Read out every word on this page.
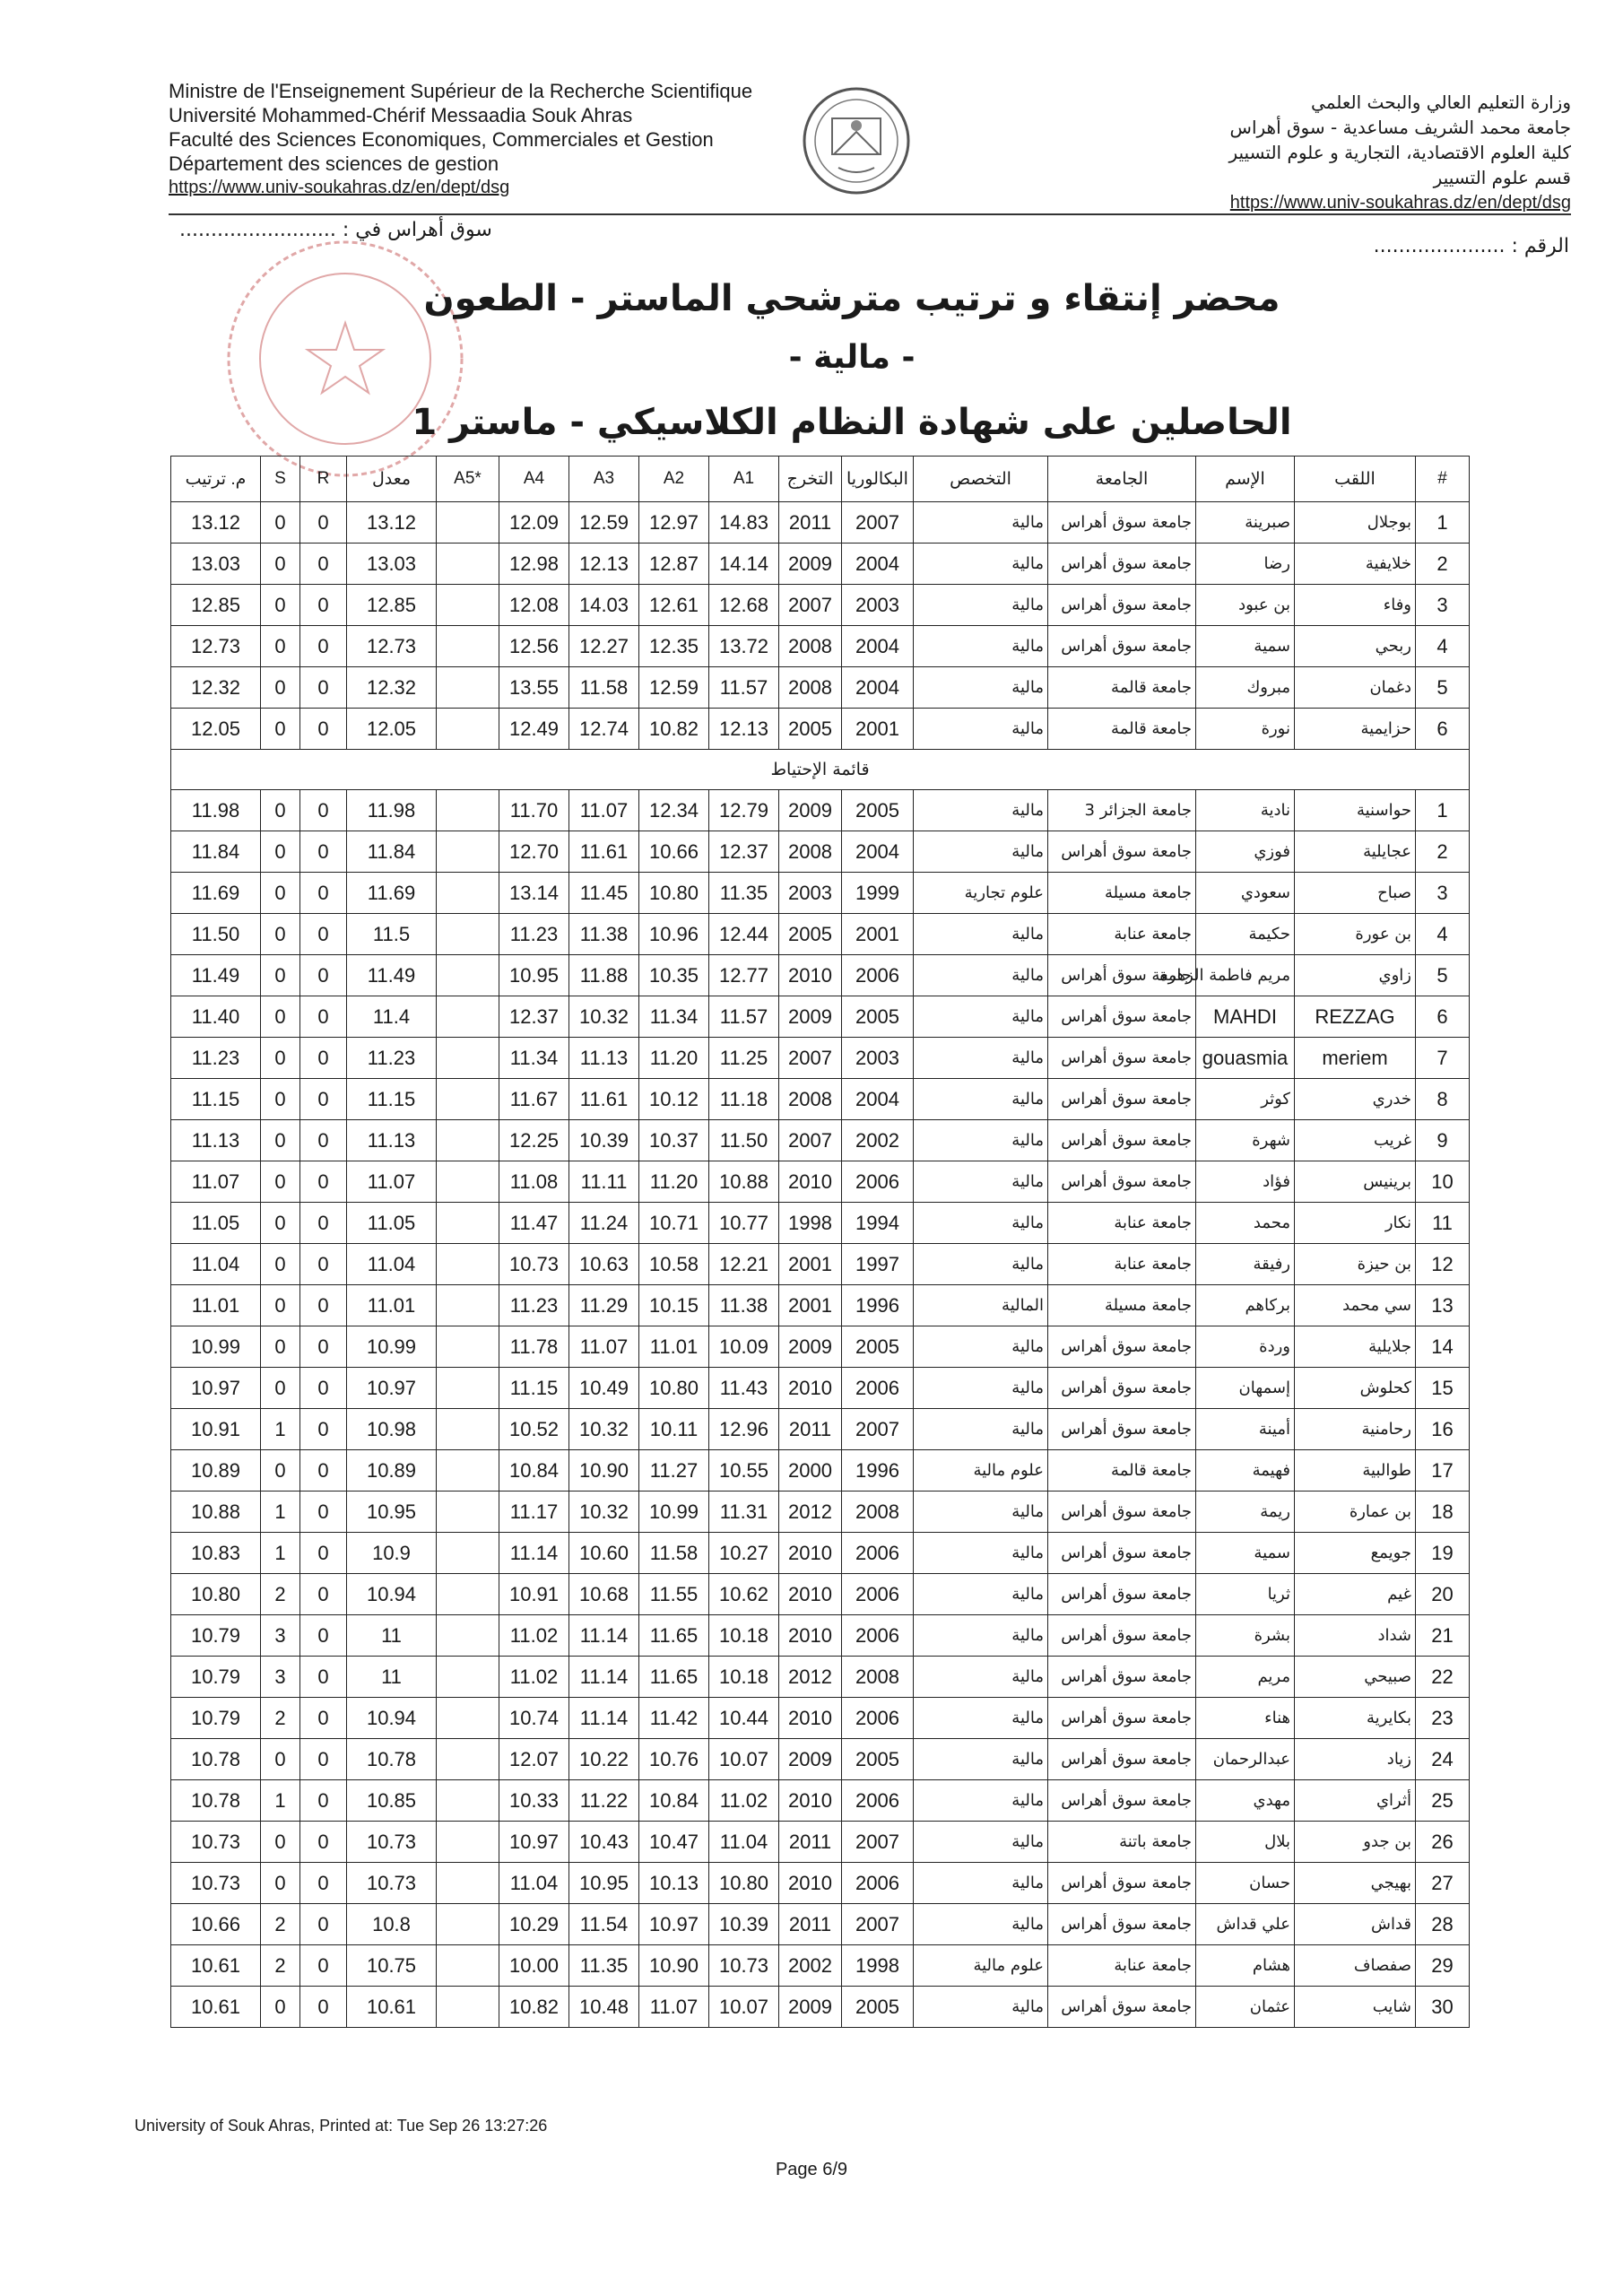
Ministre de l'Enseignement Supérieur de la Recherche Scientifique
Université Mohammed-Chérif Messaadia Souk Ahras
Faculté des Sciences Economiques, Commerciales et Gestion
Département des sciences de gestion
https://www.univ-soukahras.dz/en/dept/dsg
وزارة التعليم العالي والبحث العلمي
جامعة محمد الشريف مساعدية - سوق أهراس
كلية العلوم الاقتصادية، التجارية و علوم التسيير
قسم علوم التسيير
https://www.univ-soukahras.dz/en/dept/dsg
سوق أهراس في : .........................
الرقم : .....................
محضر إنتقاء و ترتيب مترشحي الماستر - الطعون
- مالية -
الحاصلين على شهادة النظام الكلاسيكي - ماستر 1
م. ترتيب	S	R	معدل	A5*	A4	A3	A2	A1	التخرج	البكالوريا	التخصص	الجامعة	الإسم	اللقب	#
13.12	0	0	13.12		12.09	12.59	12.97	14.83	2011	2007	مالية	جامعة سوق أهراس	صبرينة	بوجلال	1
13.03	0	0	13.03		12.98	12.13	12.87	14.14	2009	2004	مالية	جامعة سوق أهراس	رضا	خلايفية	2
12.85	0	0	12.85		12.08	14.03	12.61	12.68	2007	2003	مالية	جامعة سوق أهراس	بن عبود	وفاء	3
12.73	0	0	12.73		12.56	12.27	12.35	13.72	2008	2004	مالية	جامعة سوق أهراس	سمية	ربحي	4
12.32	0	0	12.32		13.55	11.58	12.59	11.57	2008	2004	مالية	جامعة قالمة	مبروك	دغمان	5
12.05	0	0	12.05		12.49	12.74	10.82	12.13	2005	2001	مالية	جامعة قالمة	نورة	حزايمية	6
قائمة الإحتياط															
11.98	0	0	11.98		11.70	11.07	12.34	12.79	2009	2005	مالية	جامعة الجزائر 3	نادية	حواسنية	1
11.84	0	0	11.84		12.70	11.61	10.66	12.37	2008	2004	مالية	جامعة سوق أهراس	فوزي	عجايلية	2
11.69	0	0	11.69		13.14	11.45	10.80	11.35	2003	1999	علوم تجارية	جامعة مسيلة	سعودي	صباح	3
11.50	0	0	11.5		11.23	11.38	10.96	12.44	2005	2001	مالية	جامعة عنابة	حكيمة	بن عورة	4
11.49	0	0	11.49		10.95	11.88	10.35	12.77	2010	2006	مالية	جامعة سوق أهراس	مريم فاطمة الزهرة	زاوي	5
11.40	0	0	11.4		12.37	10.32	11.34	11.57	2009	2005	مالية	جامعة سوق أهراس	MAHDI	REZZAG	6
11.23	0	0	11.23		11.34	11.13	11.20	11.25	2007	2003	مالية	جامعة سوق أهراس	gouasmia	meriem	7
11.15	0	0	11.15		11.67	11.61	10.12	11.18	2008	2004	مالية	جامعة سوق أهراس	كوثر	خدري	8
11.13	0	0	11.13		12.25	10.39	10.37	11.50	2007	2002	مالية	جامعة سوق أهراس	شهرة	غريب	9
11.07	0	0	11.07		11.08	11.11	11.20	10.88	2010	2006	مالية	جامعة سوق أهراس	فؤاد	برينيس	10
11.05	0	0	11.05		11.47	11.24	10.71	10.77	1998	1994	مالية	جامعة عنابة	محمد	نكار	11
11.04	0	0	11.04		10.73	10.63	10.58	12.21	2001	1997	مالية	جامعة عنابة	رفيقة	بن حيزة	12
11.01	0	0	11.01		11.23	11.29	10.15	11.38	2001	1996	المالية	جامعة مسيلة	بركاهم	سي محمد	13
10.99	0	0	10.99		11.78	11.07	11.01	10.09	2009	2005	مالية	جامعة سوق أهراس	وردة	جلايلية	14
10.97	0	0	10.97		11.15	10.49	10.80	11.43	2010	2006	مالية	جامعة سوق أهراس	إسمهان	كحلوش	15
10.91	1	0	10.98		10.52	10.32	10.11	12.96	2011	2007	مالية	جامعة سوق أهراس	أمينة	رحامنية	16
10.89	0	0	10.89		10.84	10.90	11.27	10.55	2000	1996	علوم مالية	جامعة قالمة	فهيمة	طوالبية	17
10.88	1	0	10.95		11.17	10.32	10.99	11.31	2012	2008	مالية	جامعة سوق أهراس	ريمة	بن عمارة	18
10.83	1	0	10.9		11.14	10.60	11.58	10.27	2010	2006	مالية	جامعة سوق أهراس	سمية	جويمع	19
10.80	2	0	10.94		10.91	10.68	11.55	10.62	2010	2006	مالية	جامعة سوق أهراس	ثريا	غيم	20
10.79	3	0	11		11.02	11.14	11.65	10.18	2010	2006	مالية	جامعة سوق أهراس	بشرة	شداد	21
10.79	3	0	11		11.02	11.14	11.65	10.18	2012	2008	مالية	جامعة سوق أهراس	مريم	صبيحي	22
10.79	2	0	10.94		10.74	11.14	11.42	10.44	2010	2006	مالية	جامعة سوق أهراس	هناء	بكايرية	23
10.78	0	0	10.78		12.07	10.22	10.76	10.07	2009	2005	مالية	جامعة سوق أهراس	عبدالرحمان	زياد	24
10.78	1	0	10.85		10.33	11.22	10.84	11.02	2010	2006	مالية	جامعة سوق أهراس	مهدي	أثراي	25
10.73	0	0	10.73		10.97	10.43	10.47	11.04	2011	2007	مالية	جامعة باتنة	بلال	بن جدو	26
10.73	0	0	10.73		11.04	10.95	10.13	10.80	2010	2006	مالية	جامعة سوق أهراس	حسان	بهيجي	27
10.66	2	0	10.8		10.29	11.54	10.97	10.39	2011	2007	مالية	جامعة سوق أهراس	علي قداش	قداش	28
10.61	2	0	10.75		10.00	11.35	10.90	10.73	2002	1998	علوم مالية	جامعة عنابة	هشام	صفصاف	29
10.61	0	0	10.61		10.82	10.48	11.07	10.07	2009	2005	مالية	جامعة سوق أهراس	عثمان	شايب	30
University of Souk Ahras, Printed at: Tue Sep 26 13:27:26
Page 6/9
